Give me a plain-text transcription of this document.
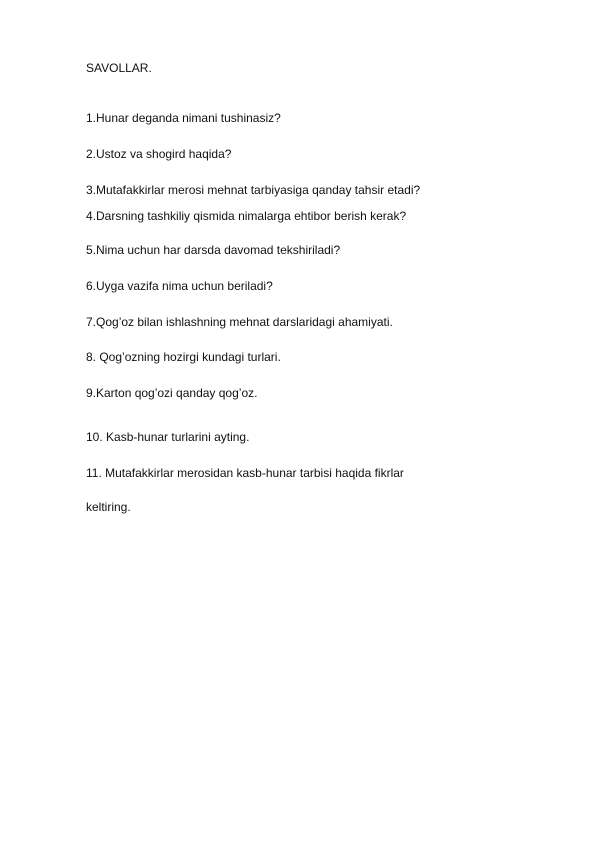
SAVOLLAR.
1.Hunar deganda nimani tushinasiz?
2.Ustoz va shogird haqida?
3.Mutafakkirlar merosi mehnat tarbiyasiga qanday tahsir etadi?
4.Darsning tashkiliy qismida nimalarga ehtibor berish kerak?
5.Nima uchun har darsda davomad tekshiriladi?
6.Uyga vazifa nima uchun beriladi?
7.Qog’oz bilan ishlashning mehnat darslaridagi ahamiyati.
8. Qog’ozning hozirgi kundagi turlari.
9.Karton qog’ozi qanday qog’oz.
10. Kasb-hunar turlarini ayting.
11. Mutafakkirlar merosidan kasb-hunar tarbisi haqida fikrlar
keltiring.
